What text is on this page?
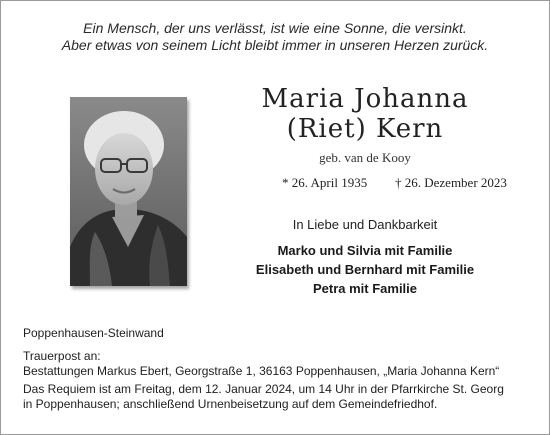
Ein Mensch, der uns verlässt, ist wie eine Sonne, die versinkt.
Aber etwas von seinem Licht bleibt immer in unseren Herzen zurück.
Maria Johanna
(Riet) Kern
geb. van de Kooy
* 26. April 1935 † 26. Dezember 2023
In Liebe und Dankbarkeit
Marko und Silvia mit Familie
Elisabeth und Bernhard mit Familie
Petra mit Familie
Poppenhausen-Steinwand
Trauerpost an:
Bestattungen Markus Ebert, Georgstraße 1, 36163 Poppenhausen, „Maria Johanna Kern“
Das Requiem ist am Freitag, dem 12. Januar 2024, um 14 Uhr in der Pfarrkirche St. Georg
in Poppenhausen; anschließend Urnenbeisetzung auf dem Gemeindefriedhof.
